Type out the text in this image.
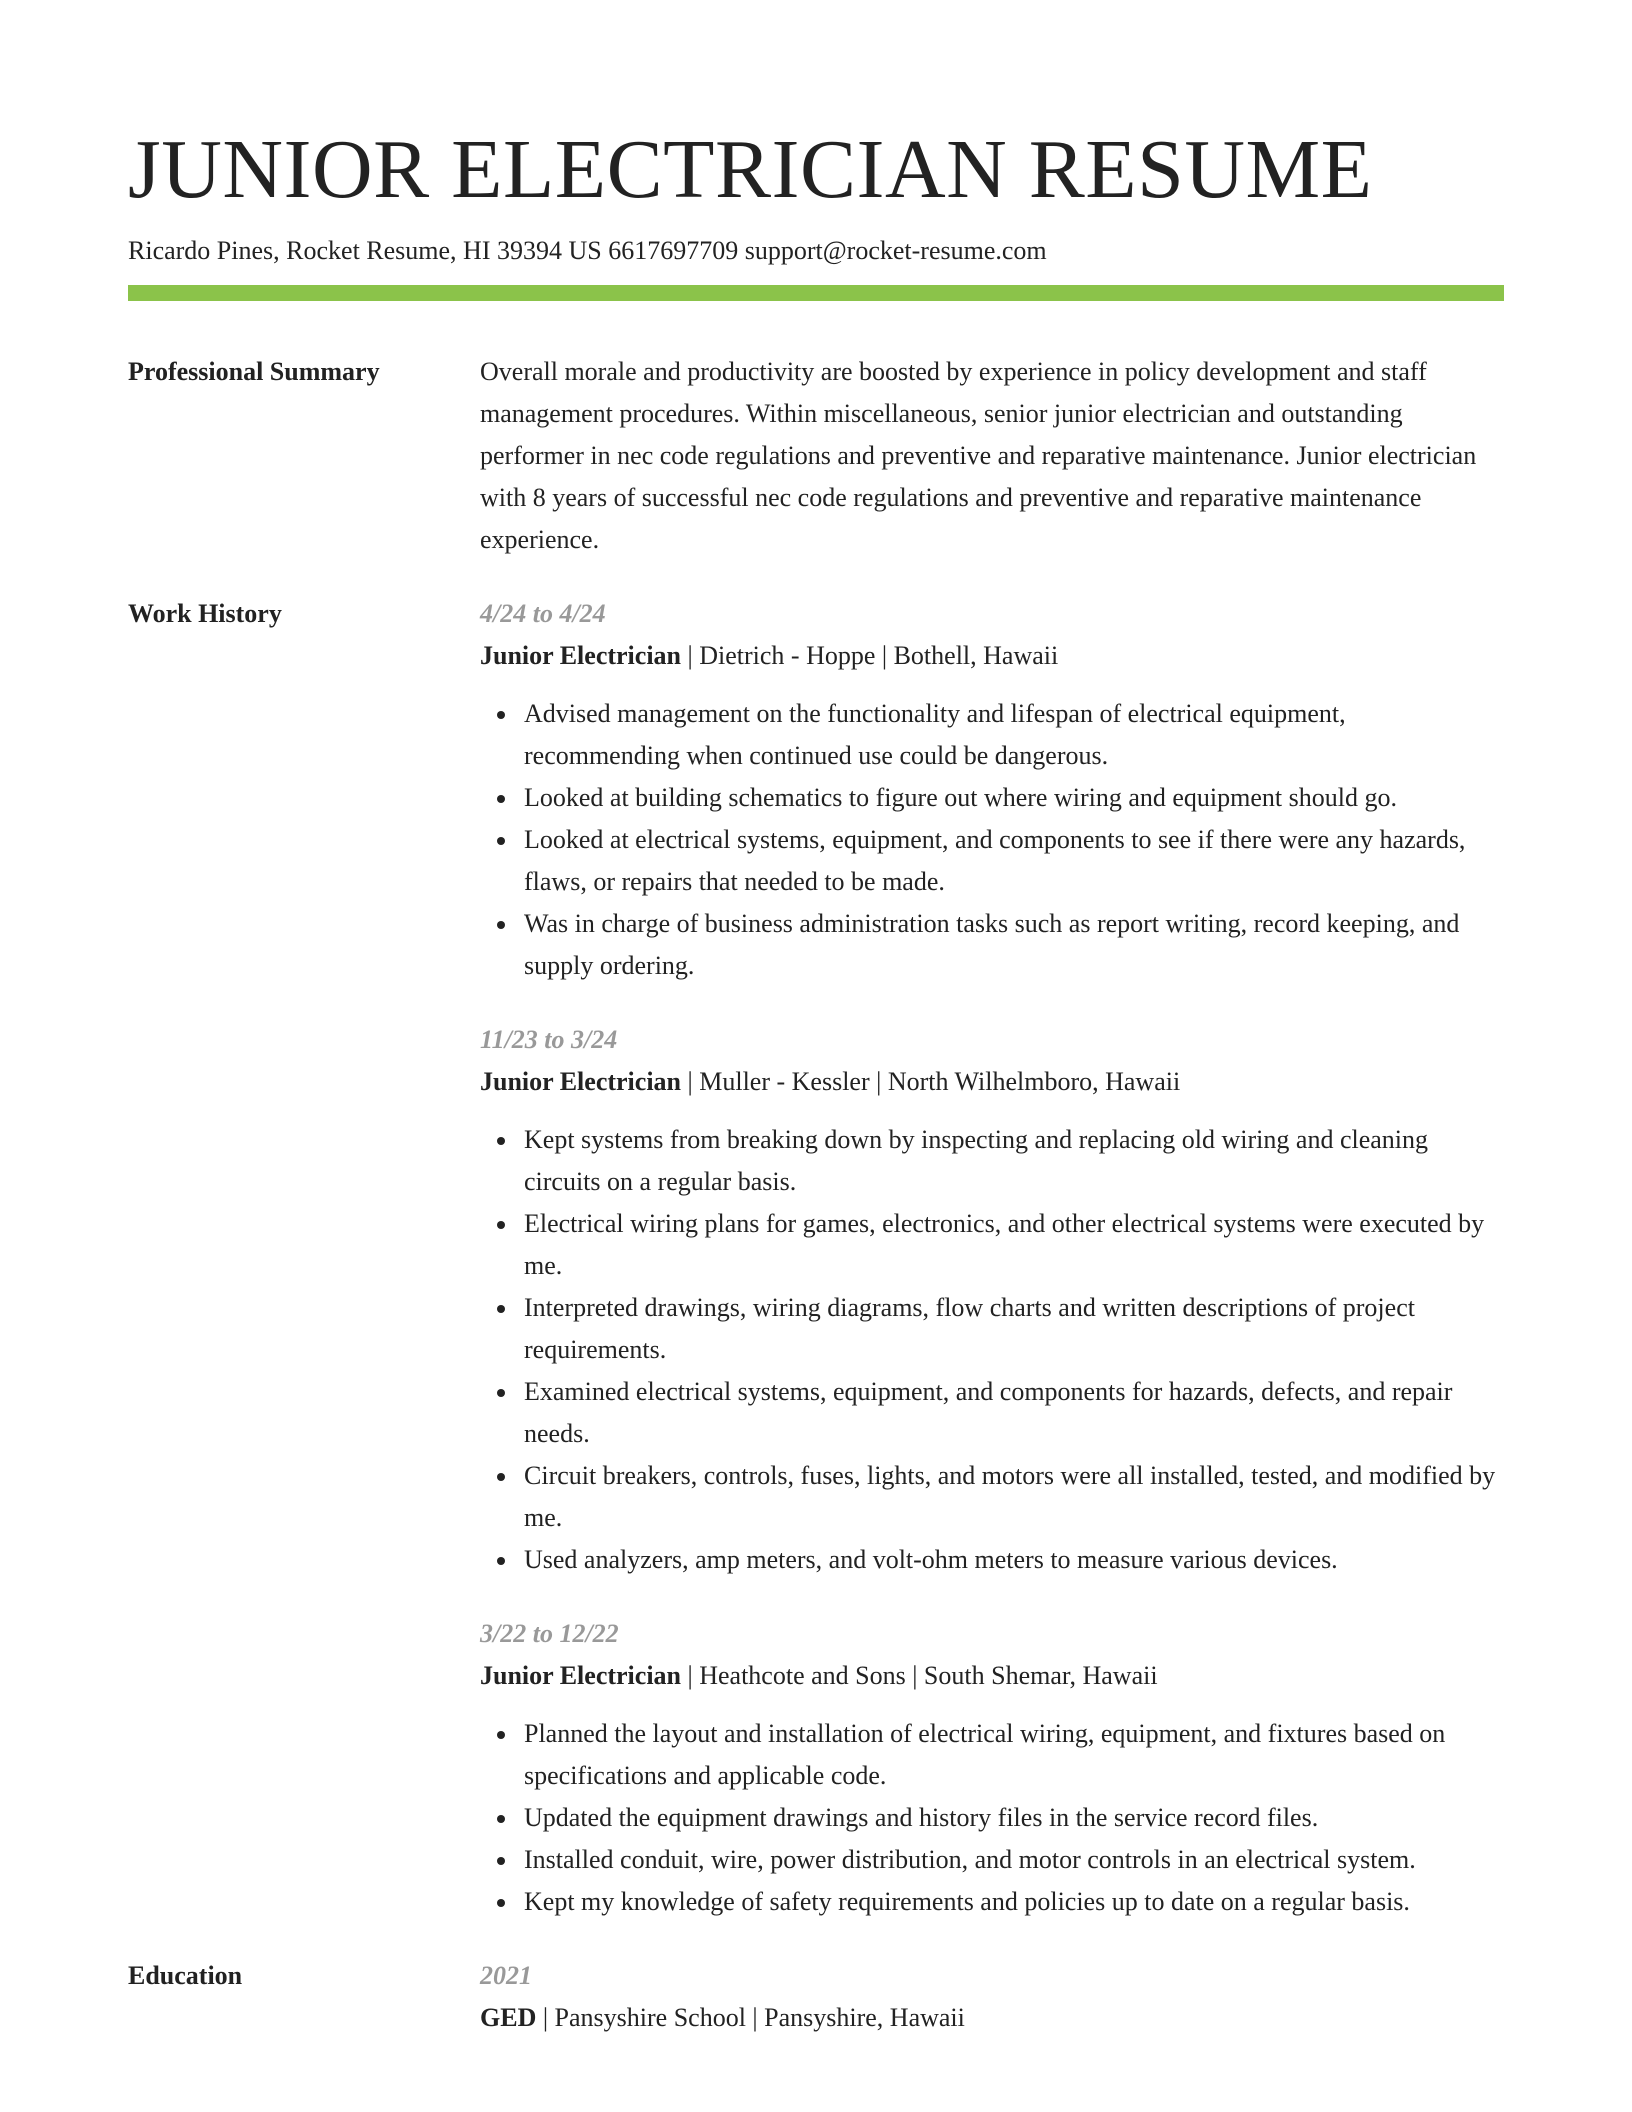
JUNIOR ELECTRICIAN RESUME
Ricardo Pines, Rocket Resume, HI 39394 US 6617697709 support@rocket-resume.com
Professional Summary	Overall morale and productivity are boosted by experience in policy development and staff management procedures. Within miscellaneous, senior junior electrician and outstanding performer in nec code regulations and preventive and reparative maintenance. Junior electrician with 8 years of successful nec code regulations and preventive and reparative maintenance experience.

Work History	4/24 to 4/24
Junior Electrician | Dietrich - Hoppe | Bothell, Hawaii
Advised management on the functionality and lifespan of electrical equipment, recommending when continued use could be dangerous.
Looked at building schematics to figure out where wiring and equipment should go.
Looked at electrical systems, equipment, and components to see if there were any hazards, flaws, or repairs that needed to be made.
Was in charge of business administration tasks such as report writing, record keeping, and supply ordering.
11/23 to 3/24
Junior Electrician | Muller - Kessler | North Wilhelmboro, Hawaii
Kept systems from breaking down by inspecting and replacing old wiring and cleaning circuits on a regular basis.
Electrical wiring plans for games, electronics, and other electrical systems were executed by me.
Interpreted drawings, wiring diagrams, flow charts and written descriptions of project requirements.
Examined electrical systems, equipment, and components for hazards, defects, and repair needs.
Circuit breakers, controls, fuses, lights, and motors were all installed, tested, and modified by me.
Used analyzers, amp meters, and volt-ohm meters to measure various devices.
3/22 to 12/22
Junior Electrician | Heathcote and Sons | South Shemar, Hawaii
Planned the layout and installation of electrical wiring, equipment, and fixtures based on specifications and applicable code.
Updated the equipment drawings and history files in the service record files.
Installed conduit, wire, power distribution, and motor controls in an electrical system.
Kept my knowledge of safety requirements and policies up to date on a regular basis.
Education	2021
GED | Pansyshire School | Pansyshire, Hawaii
